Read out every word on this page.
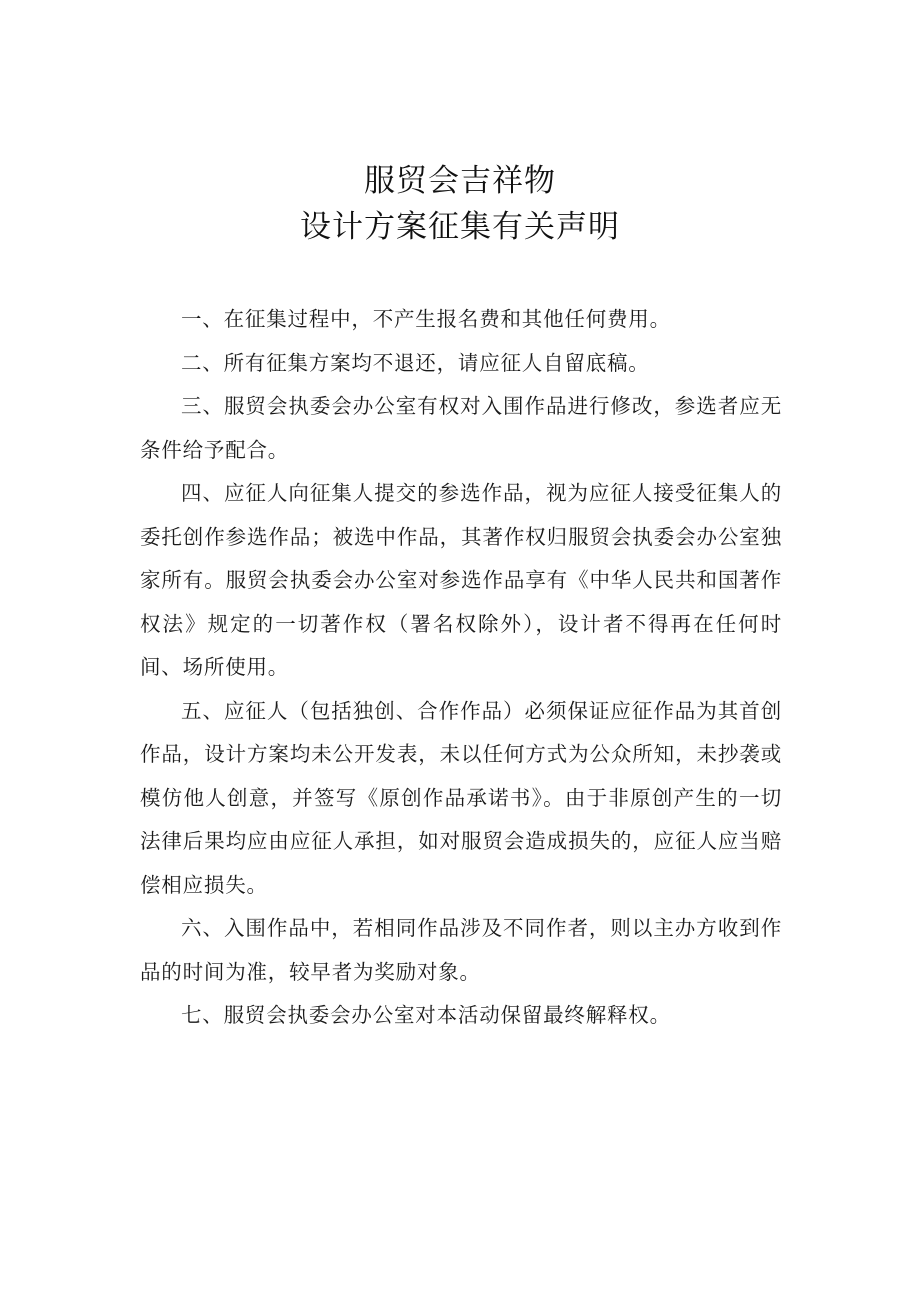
服贸会吉祥物
设计方案征集有关声明

一、在征集过程中，不产生报名费和其他任何费用。

二、所有征集方案均不退还，请应征人自留底稿。

三、服贸会执委会办公室有权对入围作品进行修改，参选者应无条件给予配合。

四、应征人向征集人提交的参选作品，视为应征人接受征集人的委托创作参选作品；被选中作品，其著作权归服贸会执委会办公室独家所有。服贸会执委会办公室对参选作品享有《中华人民共和国著作权法》规定的一切著作权（署名权除外），设计者不得再在任何时间、场所使用。

五、应征人（包括独创、合作作品）必须保证应征作品为其首创作品，设计方案均未公开发表，未以任何方式为公众所知，未抄袭或模仿他人创意，并签写《原创作品承诺书》。由于非原创产生的一切法律后果均应由应征人承担，如对服贸会造成损失的，应征人应当赔偿相应损失。

六、入围作品中，若相同作品涉及不同作者，则以主办方收到作品的时间为准，较早者为奖励对象。

七、服贸会执委会办公室对本活动保留最终解释权。
